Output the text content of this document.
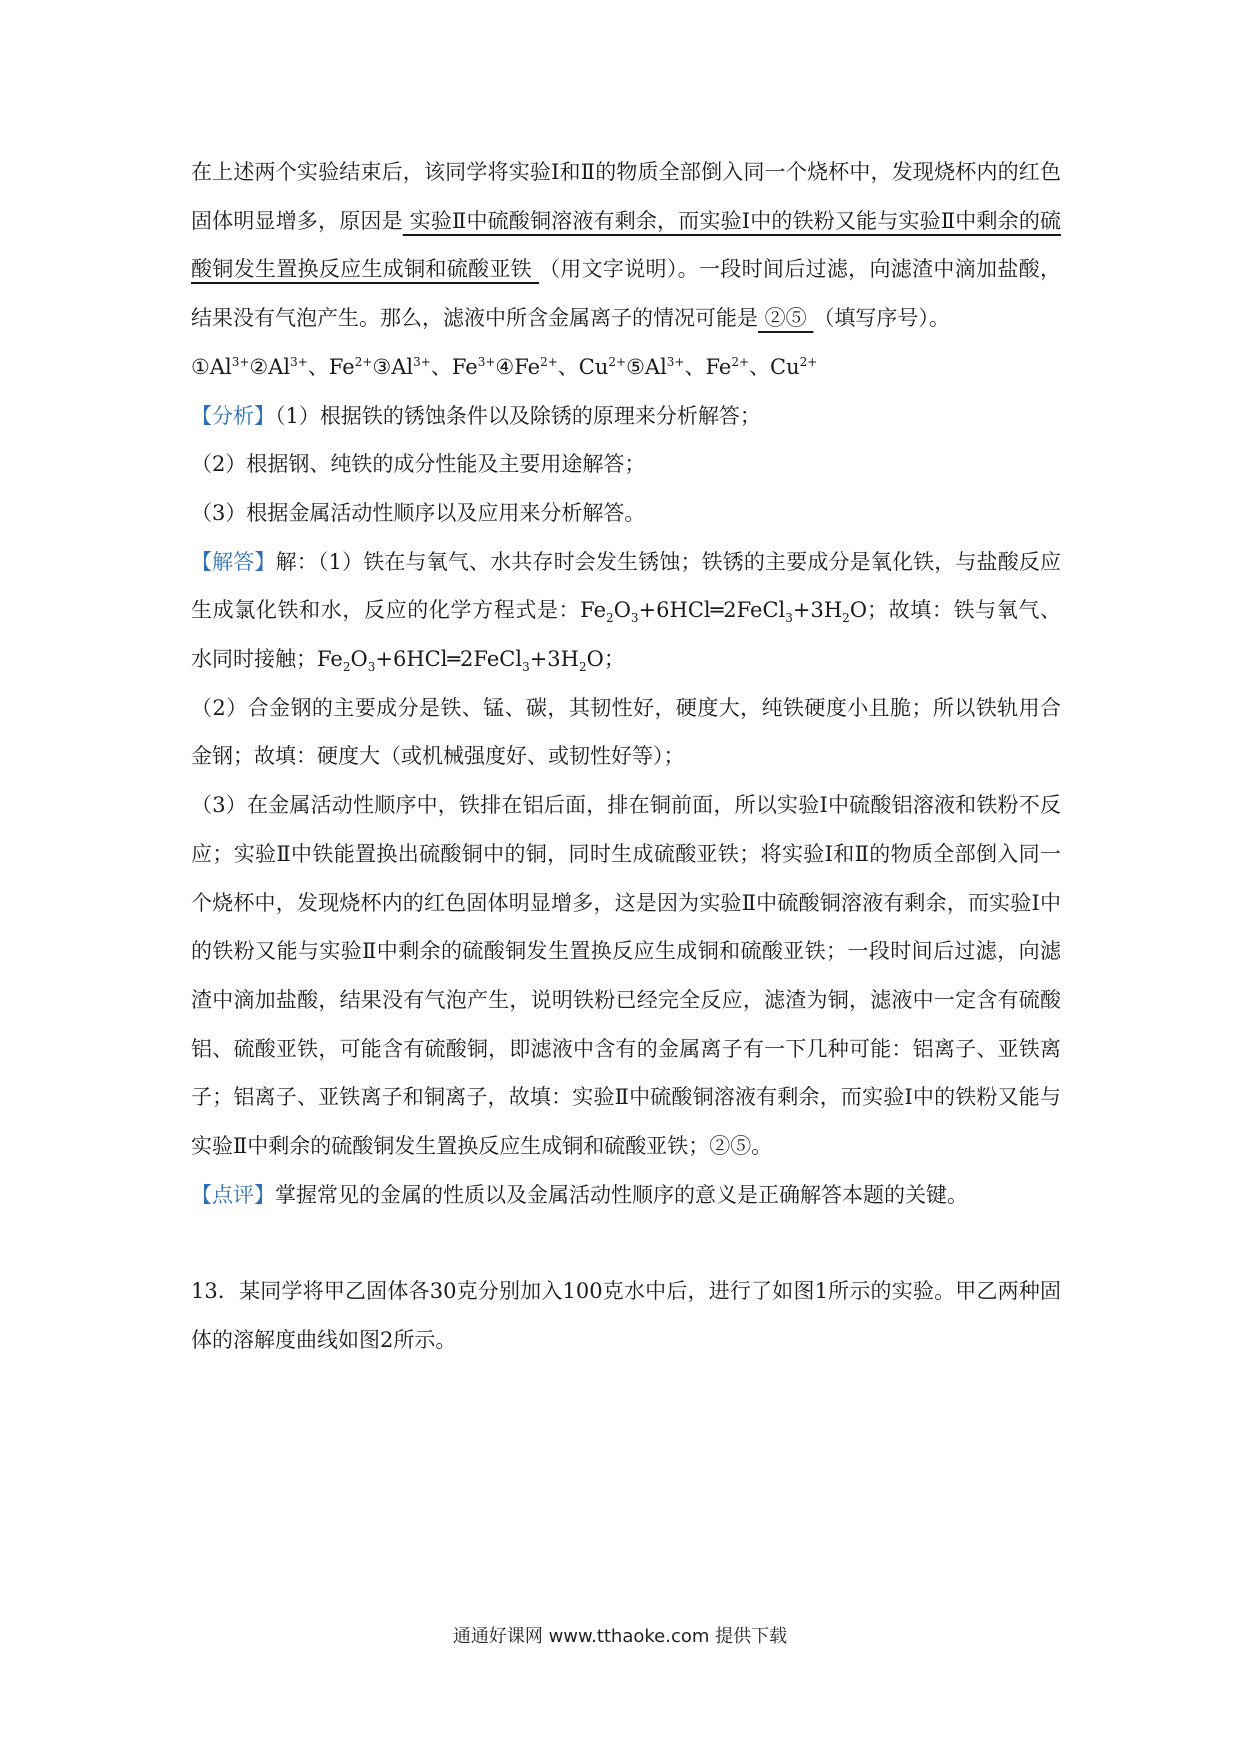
在上述两个实验结束后，该同学将实验Ⅰ和Ⅱ的物质全部倒入同一个烧杯中，发现烧杯内的红色固体明显增多，原因是 实验Ⅱ中硫酸铜溶液有剩余，而实验Ⅰ中的铁粉又能与实验Ⅱ中剩余的硫酸铜发生置换反应生成铜和硫酸亚铁 （用文字说明）。一段时间后过滤，向滤渣中滴加盐酸，结果没有气泡产生。那么，滤液中所含金属离子的情况可能是 ②⑤ （填写序号）。

$①Al^{3+}②Al^{3+}$、$Fe^{2+}③Al^{3+}$、$Fe^{3+}④Fe^{2+}$、$Cu^{2+}⑤Al^{3+}$、$Fe^{2+}$、$Cu^{2+}$

【分析】（1）根据铁的锈蚀条件以及除锈的原理来分析解答；

（2）根据钢、纯铁的成分性能及主要用途解答；

（3）根据金属活动性顺序以及应用来分析解答。

【解答】解：（1）铁在与氧气、水共存时会发生锈蚀；铁锈的主要成分是氧化铁，与盐酸反应生成氯化铁和水，反应的化学方程式是：$Fe_2O_3+6HCl═2FeCl_3+3H_2O$；故填：铁与氧气、水同时接触；$Fe_2O_3+6HCl═2FeCl_3+3H_2O$；

（2）合金钢的主要成分是铁、锰、碳，其韧性好，硬度大，纯铁硬度小且脆；所以铁轨用合金钢；故填：硬度大（或机械强度好、或韧性好等）；

（3）在金属活动性顺序中，铁排在铝后面，排在铜前面，所以实验Ⅰ中硫酸铝溶液和铁粉不反应；实验Ⅱ中铁能置换出硫酸铜中的铜，同时生成硫酸亚铁；将实验Ⅰ和Ⅱ的物质全部倒入同一个烧杯中，发现烧杯内的红色固体明显增多，这是因为实验Ⅱ中硫酸铜溶液有剩余，而实验Ⅰ中的铁粉又能与实验Ⅱ中剩余的硫酸铜发生置换反应生成铜和硫酸亚铁；一段时间后过滤，向滤渣中滴加盐酸，结果没有气泡产生，说明铁粉已经完全反应，滤渣为铜，滤液中一定含有硫酸铝、硫酸亚铁，可能含有硫酸铜，即滤液中含有的金属离子有一下几种可能：铝离子、亚铁离子；铝离子、亚铁离子和铜离子，故填：实验Ⅱ中硫酸铜溶液有剩余，而实验Ⅰ中的铁粉又能与实验Ⅱ中剩余的硫酸铜发生置换反应生成铜和硫酸亚铁；②⑤。

【点评】掌握常见的金属的性质以及金属活动性顺序的意义是正确解答本题的关键。

13．某同学将甲乙固体各30克分别加入100克水中后，进行了如图1所示的实验。甲乙两种固体的溶解度曲线如图2所示。

通通好课网 www.tthaoke.com 提供下载
